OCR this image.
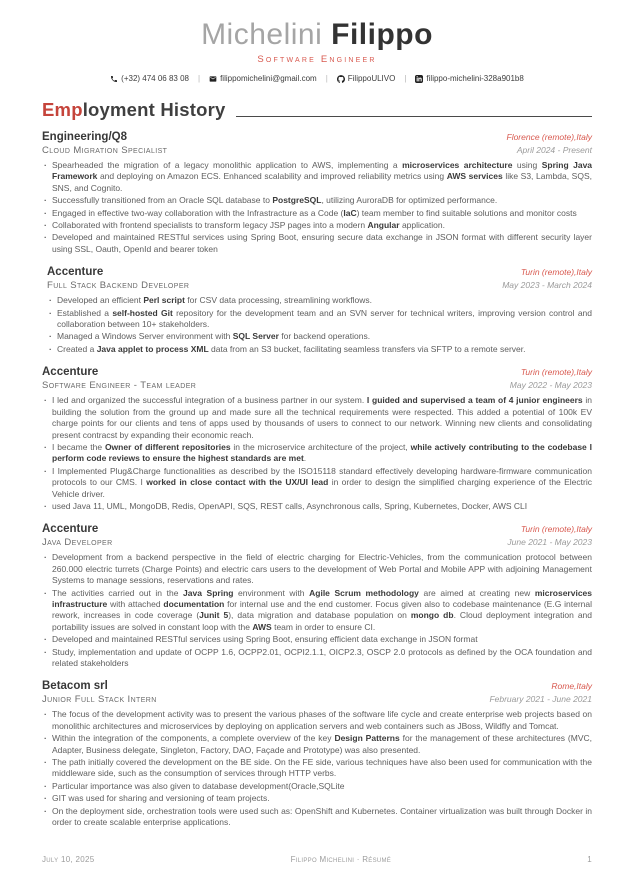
Michelini Filippo
Software Engineer
(+32) 474 06 83 08 |	filippomichelini@gmail.com |	FilippoULIVO |	filippo-michelini-328a901b8
Emp loyment History
Engineering/Q8	Florence (remote),Italy
Cloud Migration Specialist	April 2024 - Present
· Spearheaded the migration of a legacy monolithic application to AWS, implementing a microservices architecture using Spring Java Framework and deploying on Amazon ECS. Enhanced scalability and improved reliability metrics using AWS services like S3, Lambda, SQS, SNS, and Cognito.
· Successfully transitioned from an Oracle SQL database to PostgreSQL, utilizing AuroraDB for optimized performance.
· Engaged in effective two-way collaboration with the Infrastracture as a Code (IaC) team member to find suitable solutions and monitor costs
· Collaborated with frontend specialists to transform legacy JSP pages into a modern Angular application.
· Developed and maintained RESTful services using Spring Boot, ensuring secure data exchange in JSON format with different security layer using SSL, Oauth, OpenId and bearer token
Accenture	Turin (remote),Italy
Full Stack Backend Developer	May 2023 - March 2024
· Developed an efficient Perl script for CSV data processing, streamlining workflows.
· Established a self-hosted Git repository for the development team and an SVN server for technical writers, improving version control and collaboration between 10+ stakeholders.
· Managed a Windows Server environment with SQL Server for backend operations.
· Created a Java applet to process XML data from an S3 bucket, facilitating seamless transfers via SFTP to a remote server.
Accenture	Turin (remote),Italy
Software Engineer - Team leader	May 2022 - May 2023
· I led and organized the successful integration of a business partner in our system. I guided and supervised a team of 4 junior engineers in building the solution from the ground up and made sure all the technical requirements were respected. This added a potential of 100k EV charge points for our clients and tens of apps used by thousands of users to connect to our network. Winning new clients and consolidating present contracst by expanding their economic reach.
· I became the Owner of different repositories in the microservice architecture of the project, while actively contributing to the codebase I perform code reviews to ensure the highest standards are met.
· I Implemented Plug&Charge functionalities as described by the ISO15118 standard effectively developing hardware-firmware communication protocols to our CMS. I worked in close contact with the UX/UI lead in order to design the simplified charging experience of the Electric Vehicle driver.
· used Java 11, UML, MongoDB, Redis, OpenAPI, SQS, REST calls, Asynchronous calls, Spring, Kubernetes, Docker, AWS CLI
Accenture	Turin (remote),Italy
Java Developer	June 2021 - May 2023
· Development from a backend perspective in the field of electric charging for Electric-Vehicles, from the communication protocol between 260.000 electric turrets (Charge Points) and electric cars users to the development of Web Portal and Mobile APP with adjoining Management Systems to manage sessions, reservations and rates.
· The activities carried out in the Java Spring environment with Agile Scrum methodology are aimed at creating new microservices infrastructure with attached documentation for internal use and the end customer. Focus given also to codebase maintenance (E.G internal rework, increases in code coverage (Junit 5), data migration and database population on mongo db. Cloud deployment integration and portability issues are solved in constant loop with the AWS team in order to ensure CI.
· Developed and maintained RESTful services using Spring Boot, ensuring efficient data exchange in JSON format
· Study, implementation and update of OCPP 1.6, OCPP2.01, OCPI2.1.1, OICP2.3, OSCP 2.0 protocols as defined by the OCA foundation and related stakeholders
Betacom srl	Rome,Italy
Junior Full Stack Intern	February 2021 - June 2021
· The focus of the development activity was to present the various phases of the software life cycle and create enterprise web projects based on monolithic architectures and microservices by deploying on application servers and web containers such as JBoss, Wildfly and Tomcat.
· Within the integration of the components, a complete overview of the key Design Patterns for the management of these architectures (MVC, Adapter, Business delegate, Singleton, Factory, DAO, Façade and Prototype) was also presented.
· The path initially covered the development on the BE side. On the FE side, various techniques have also been used for communication with the middleware side, such as the consumption of services through HTTP verbs.
· Particular importance was also given to database development(Oracle,SQLite
· GIT was used for sharing and versioning of team projects.
· On the deployment side, orchestration tools were used such as: OpenShift and Kubernetes. Container virtualization was built through Docker in order to create scalable enterprise applications.
July 10, 2025	Filippo Michelini · Résumé	1
